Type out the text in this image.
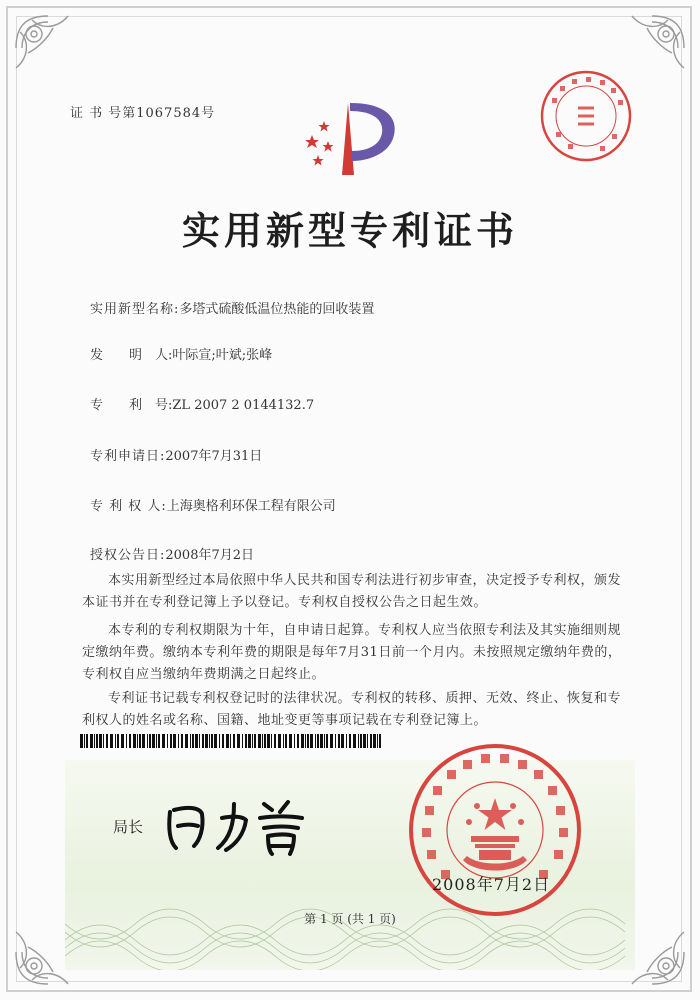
证 书 号第1067584号
实用新型专利证书
实用新型名称:多塔式硫酸低温位热能的回收装置
发　　明　人:叶际宣;叶斌;张峰
专　　利　号:ZL 2007 2 0144132.7
专利申请日:2007年7月31日
专 利 权 人:上海奥格利环保工程有限公司
授权公告日:2008年7月2日
本实用新型经过本局依照中华人民共和国专利法进行初步审查，决定授予专利权，颁发本证书并在专利登记簿上予以登记。专利权自授权公告之日起生效。
本专利的专利权期限为十年，自申请日起算。专利权人应当依照专利法及其实施细则规定缴纳年费。缴纳本专利年费的期限是每年7月31日前一个月内。未按照规定缴纳年费的，专利权自应当缴纳年费期满之日起终止。
专利证书记载专利权登记时的法律状况。专利权的转移、质押、无效、终止、恢复和专利权人的姓名或名称、国籍、地址变更等事项记载在专利登记簿上。
局长
2008年7月2日
第 1 页 (共 1 页)
